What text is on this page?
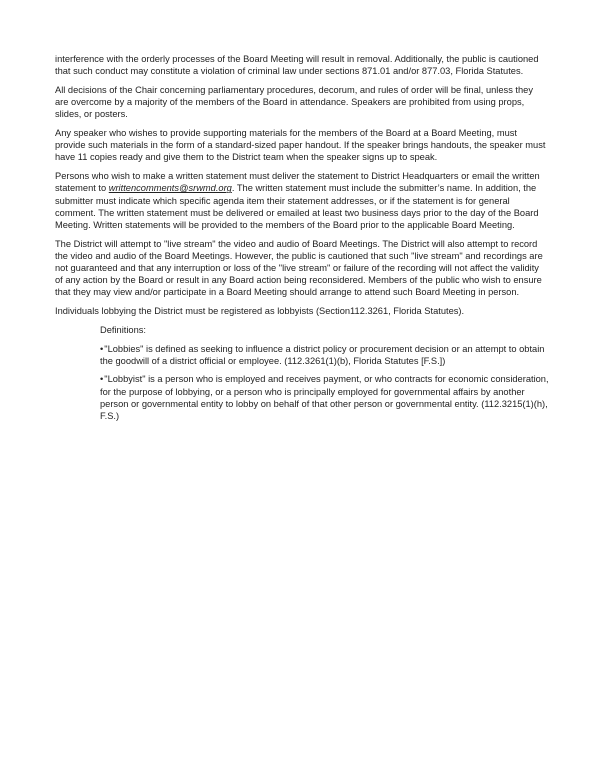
interference with the orderly processes of the Board Meeting will result in removal. Additionally, the public is cautioned that such conduct may constitute a violation of criminal law under sections 871.01 and/or 877.03, Florida Statutes.

All decisions of the Chair concerning parliamentary procedures, decorum, and rules of order will be final, unless they are overcome by a majority of the members of the Board in attendance. Speakers are prohibited from using props, slides, or posters.

Any speaker who wishes to provide supporting materials for the members of the Board at a Board Meeting, must provide such materials in the form of a standard-sized paper handout. If the speaker brings handouts, the speaker must have 11 copies ready and give them to the District team when the speaker signs up to speak.

Persons who wish to make a written statement must deliver the statement to District Headquarters or email the written statement to writtencomments@srwmd.org. The written statement must include the submitter’s name. In addition, the submitter must indicate which specific agenda item their statement addresses, or if the statement is for general comment. The written statement must be delivered or emailed at least two business days prior to the day of the Board Meeting. Written statements will be provided to the members of the Board prior to the applicable Board Meeting.

The District will attempt to "live stream" the video and audio of Board Meetings. The District will also attempt to record the video and audio of the Board Meetings. However, the public is cautioned that such "live stream" and recordings are not guaranteed and that any interruption or loss of the "live stream" or failure of the recording will not affect the validity of any action by the Board or result in any Board action being reconsidered. Members of the public who wish to ensure that they may view and/or participate in a Board Meeting should arrange to attend such Board Meeting in person.

Individuals lobbying the District must be registered as lobbyists (Section112.3261, Florida Statutes).

Definitions:

•"Lobbies" is defined as seeking to influence a district policy or procurement decision or an attempt to obtain the goodwill of a district official or employee. (112.3261(1)(b), Florida Statutes [F.S.])

•"Lobbyist" is a person who is employed and receives payment, or who contracts for economic consideration, for the purpose of lobbying, or a person who is principally employed for governmental affairs by another person or governmental entity to lobby on behalf of that other person or governmental entity. (112.3215(1)(h), F.S.)
